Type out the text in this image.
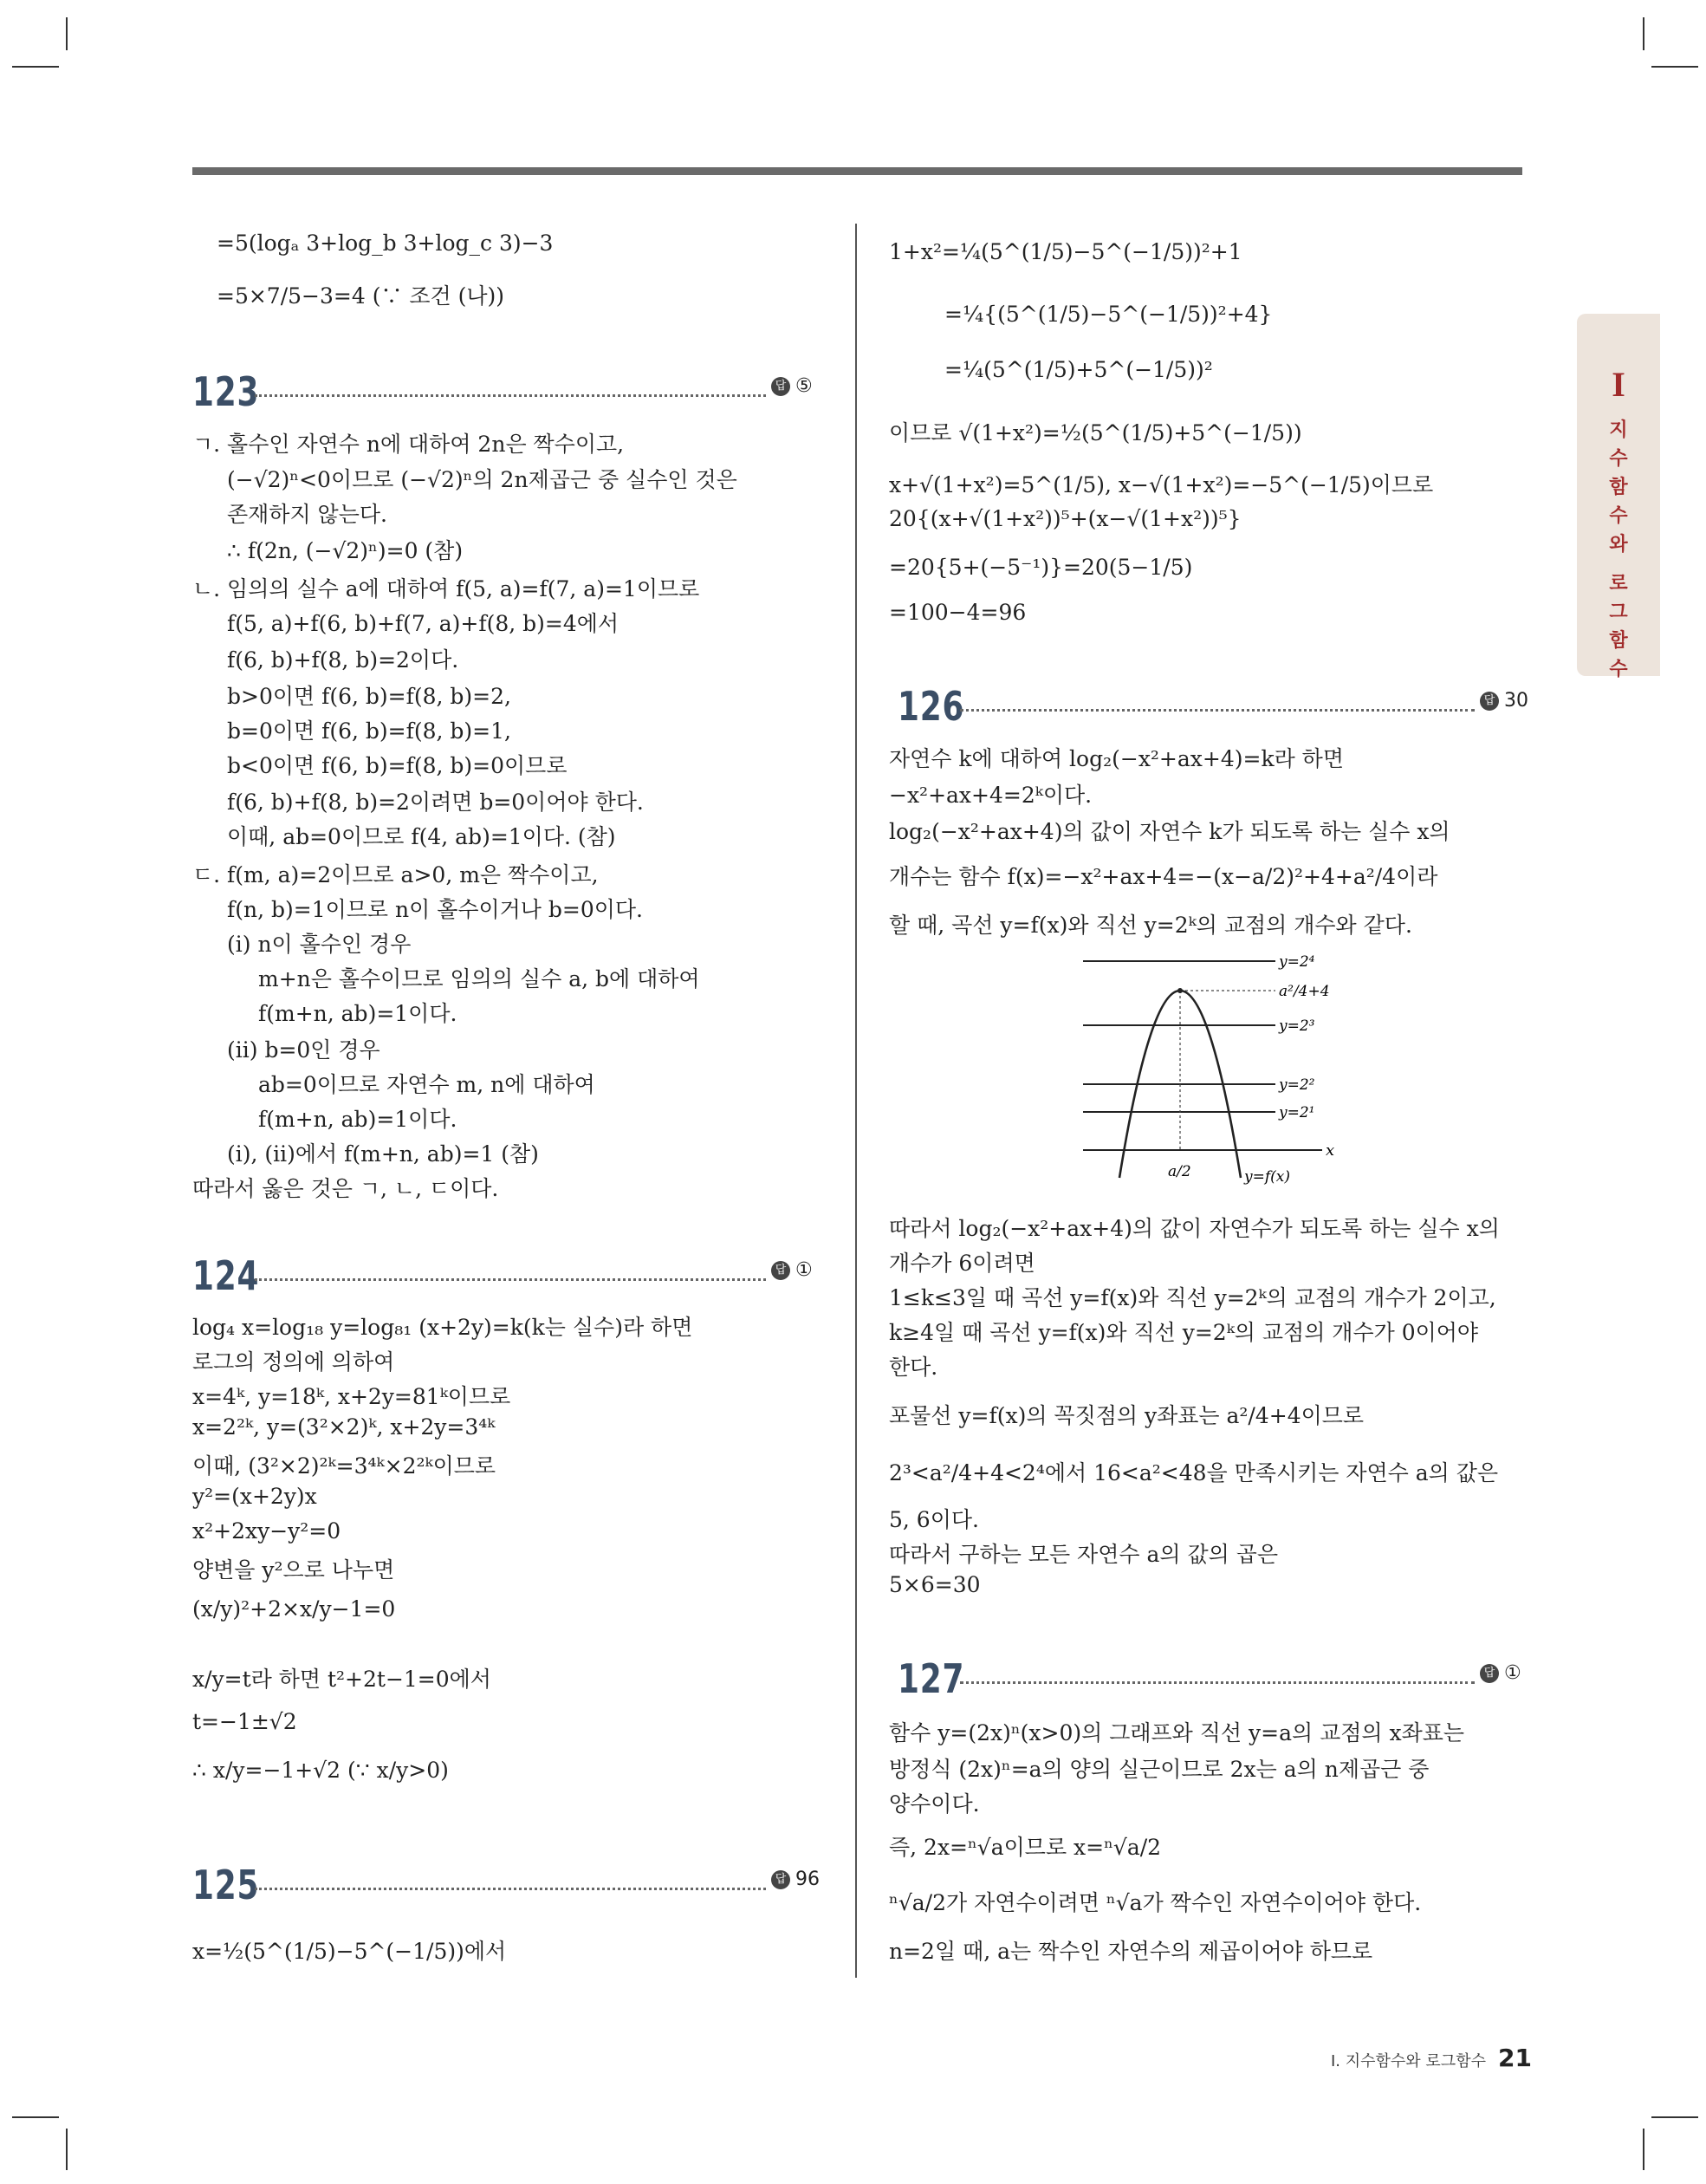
I
지
수
함
수
와
로
그
함
수
=5(logₐ 3+log_b 3+log_c 3)−3
=5×7/5−3=4 (∵ 조건 (나))
123	답 ⑤
ㄱ. 홀수인 자연수 n에 대하여 2n은 짝수이고,
(−√2)ⁿ<0이므로 (−√2)ⁿ의 2n제곱근 중 실수인 것은
존재하지 않는다.
∴ f(2n, (−√2)ⁿ)=0 (참)
ㄴ. 임의의 실수 a에 대하여 f(5, a)=f(7, a)=1이므로
f(5, a)+f(6, b)+f(7, a)+f(8, b)=4에서
f(6, b)+f(8, b)=2이다.
b>0이면 f(6, b)=f(8, b)=2,
b=0이면 f(6, b)=f(8, b)=1,
b<0이면 f(6, b)=f(8, b)=0이므로
f(6, b)+f(8, b)=2이려면 b=0이어야 한다.
이때, ab=0이므로 f(4, ab)=1이다. (참)
ㄷ. f(m, a)=2이므로 a>0, m은 짝수이고,
f(n, b)=1이므로 n이 홀수이거나 b=0이다.
(ⅰ) n이 홀수인 경우
m+n은 홀수이므로 임의의 실수 a, b에 대하여
f(m+n, ab)=1이다.
(ⅱ) b=0인 경우
ab=0이므로 자연수 m, n에 대하여
f(m+n, ab)=1이다.
(ⅰ), (ⅱ)에서 f(m+n, ab)=1 (참)
따라서 옳은 것은 ㄱ, ㄴ, ㄷ이다.
124	답 ①
log₄ x=log₁₈ y=log₈₁ (x+2y)=k(k는 실수)라 하면
로그의 정의에 의하여
x=4ᵏ, y=18ᵏ, x+2y=81ᵏ이므로
x=2²ᵏ, y=(3²×2)ᵏ, x+2y=3⁴ᵏ
이때, (3²×2)²ᵏ=3⁴ᵏ×2²ᵏ이므로
y²=(x+2y)x
x²+2xy−y²=0
양변을 y²으로 나누면
(x/y)²+2×x/y−1=0
x/y=t라 하면 t²+2t−1=0에서
t=−1±√2
∴ x/y=−1+√2 (∵ x/y>0)
125	답 96
x=½(5^(1/5)−5^(−1/5))에서
1+x²=¼(5^(1/5)−5^(−1/5))²+1
=¼{(5^(1/5)−5^(−1/5))²+4}
=¼(5^(1/5)+5^(−1/5))²
이므로 √(1+x²)=½(5^(1/5)+5^(−1/5))
x+√(1+x²)=5^(1/5), x−√(1+x²)=−5^(−1/5)이므로
20{(x+√(1+x²))⁵+(x−√(1+x²))⁵}
=20{5+(−5⁻¹)}=20(5−1/5)
=100−4=96
126	답 30
자연수 k에 대하여 log₂(−x²+ax+4)=k라 하면
−x²+ax+4=2ᵏ이다.
log₂(−x²+ax+4)의 값이 자연수 k가 되도록 하는 실수 x의
개수는 함수 f(x)=−x²+ax+4=−(x−a/2)²+4+a²/4이라
할 때, 곡선 y=f(x)와 직선 y=2ᵏ의 교점의 개수와 같다.
y=2⁴
a²/4+4
y=2³
y=2²
y=2¹
x
a/2	y=f(x)
따라서 log₂(−x²+ax+4)의 값이 자연수가 되도록 하는 실수 x의
개수가 6이려면
1≤k≤3일 때 곡선 y=f(x)와 직선 y=2ᵏ의 교점의 개수가 2이고,
k≥4일 때 곡선 y=f(x)와 직선 y=2ᵏ의 교점의 개수가 0이어야
한다.
포물선 y=f(x)의 꼭짓점의 y좌표는 a²/4+4이므로
2³<a²/4+4<2⁴에서 16<a²<48을 만족시키는 자연수 a의 값은
5, 6이다.
따라서 구하는 모든 자연수 a의 값의 곱은
5×6=30
127	답 ①
함수 y=(2x)ⁿ(x>0)의 그래프와 직선 y=a의 교점의 x좌표는
방정식 (2x)ⁿ=a의 양의 실근이므로 2x는 a의 n제곱근 중
양수이다.
즉, 2x=ⁿ√a이므로 x=ⁿ√a/2
ⁿ√a/2가 자연수이려면 ⁿ√a가 짝수인 자연수이어야 한다.
n=2일 때, a는 짝수인 자연수의 제곱이어야 하므로
Ⅰ. 지수함수와 로그함수 21
